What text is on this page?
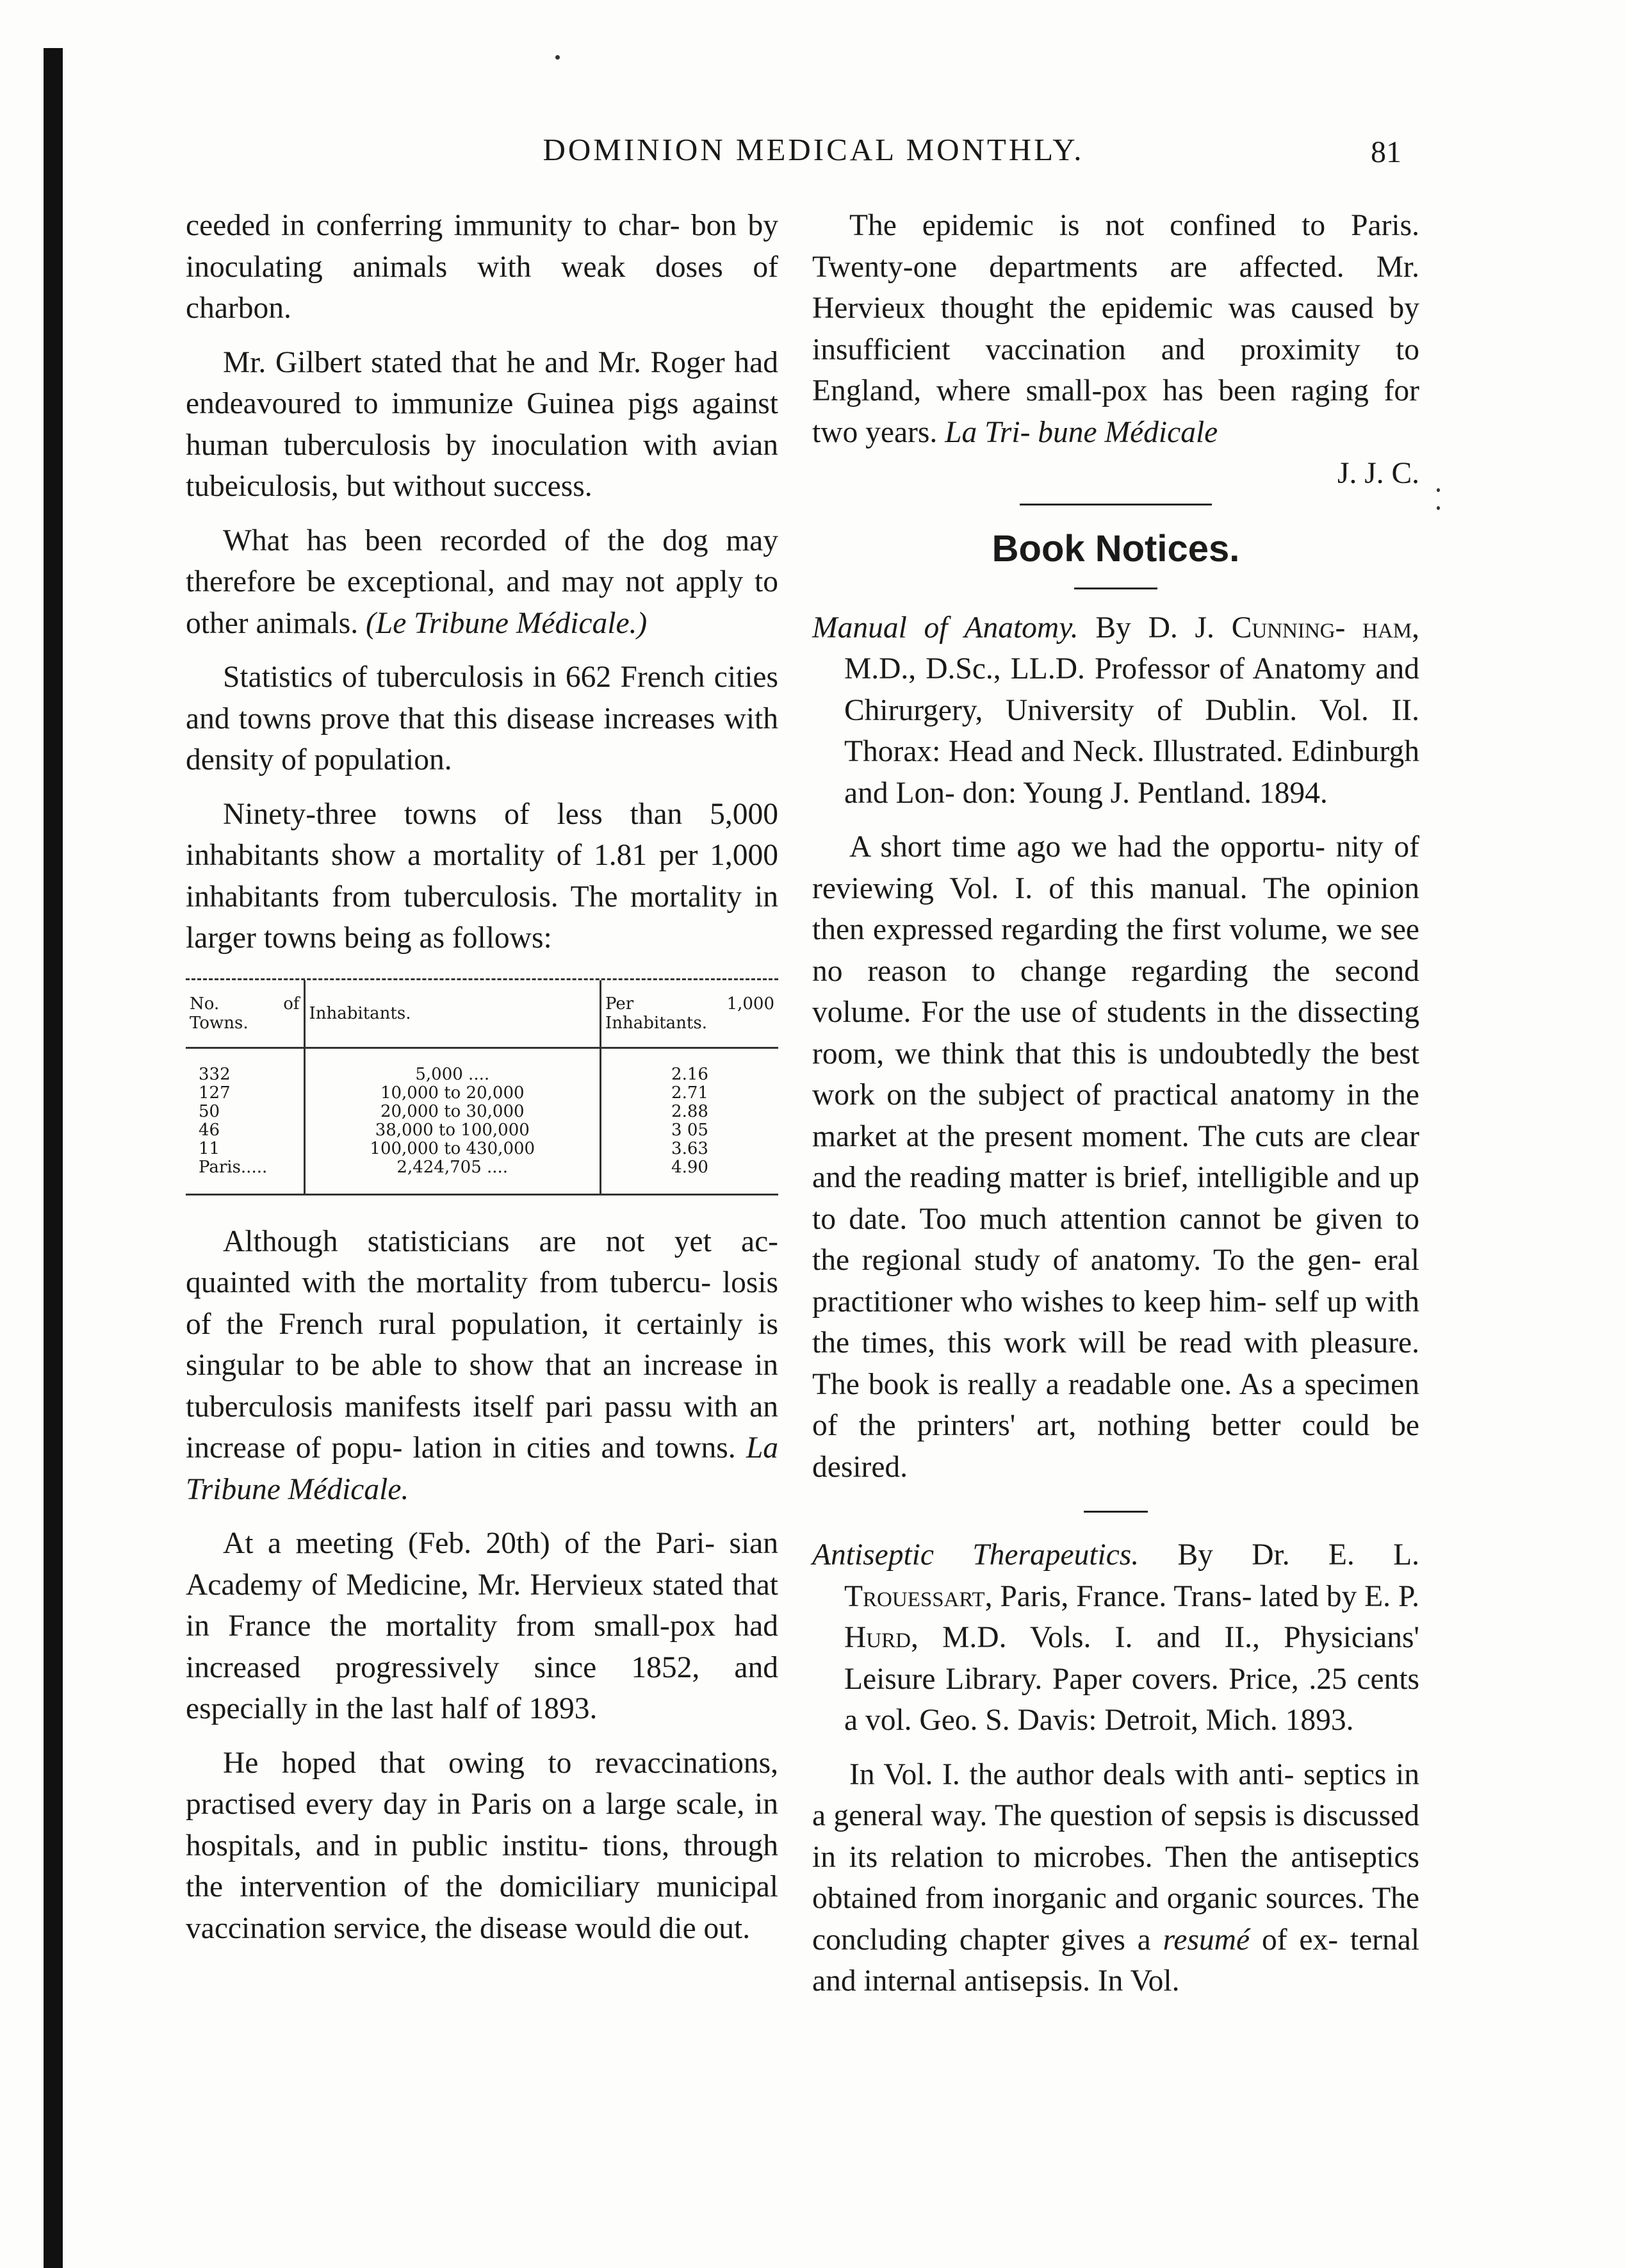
DOMINION MEDICAL MONTHLY.	81

ceeded in conferring immunity to char- bon by inoculating animals with weak doses of charbon.

Mr. Gilbert stated that he and Mr. Roger had endeavoured to immunize Guinea pigs against human tuberculosis by inoculation with avian tubeiculosis, but without success.

What has been recorded of the dog may therefore be exceptional, and may not apply to other animals. (Le Tribune Médicale.)

Statistics of tuberculosis in 662 French cities and towns prove that this disease increases with density of population.

Ninety-three towns of less than 5,000 inhabitants show a mortality of 1.81 per 1,000 inhabitants from tuberculosis. The mortality in larger towns being as follows:

No. of Towns.	Inhabitants.	Per 1,000 Inhabitants.
332	5,000 ....	2.16
127	10,000 to 20,000	2.71
50	20,000 to 30,000	2.88
46	38,000 to 100,000	3 05
11	100,000 to 430,000	3.63
Paris.....	2,424,705 ....	4.90

Although statisticians are not yet ac- quainted with the mortality from tubercu- losis of the French rural population, it certainly is singular to be able to show that an increase in tuberculosis manifests itself pari passu with an increase of popu- lation in cities and towns. La Tribune Médicale.

At a meeting (Feb. 20th) of the Pari- sian Academy of Medicine, Mr. Hervieux stated that in France the mortality from small-pox had increased progressively since 1852, and especially in the last half of 1893.

He hoped that owing to revaccinations, practised every day in Paris on a large scale, in hospitals, and in public institu- tions, through the intervention of the domiciliary municipal vaccination service, the disease would die out.

The epidemic is not confined to Paris. Twenty-one departments are affected. Mr. Hervieux thought the epidemic was caused by insufficient vaccination and proximity to England, where small-pox has been raging for two years. La Tri- bune Médicale
J. J. C.

Book Notices.

Manual of Anatomy. By D. J. Cunning- ham, M.D., D.Sc., LL.D. Professor of Anatomy and Chirurgery, University of Dublin. Vol. II. Thorax: Head and Neck. Illustrated. Edinburgh and Lon- don: Young J. Pentland. 1894.

A short time ago we had the opportu- nity of reviewing Vol. I. of this manual. The opinion then expressed regarding the first volume, we see no reason to change regarding the second volume. For the use of students in the dissecting room, we think that this is undoubtedly the best work on the subject of practical anatomy in the market at the present moment. The cuts are clear and the reading matter is brief, intelligible and up to date. Too much attention cannot be given to the regional study of anatomy. To the gen- eral practitioner who wishes to keep him- self up with the times, this work will be read with pleasure. The book is really a readable one. As a specimen of the printers' art, nothing better could be desired.

Antiseptic Therapeutics. By Dr. E. L. Trouessart, Paris, France. Trans- lated by E. P. Hurd, M.D. Vols. I. and II., Physicians' Leisure Library. Paper covers. Price, .25 cents a vol. Geo. S. Davis: Detroit, Mich. 1893.

In Vol. I. the author deals with anti- septics in a general way. The question of sepsis is discussed in its relation to microbes. Then the antiseptics obtained from inorganic and organic sources. The concluding chapter gives a resumé of ex- ternal and internal antisepsis. In Vol.
